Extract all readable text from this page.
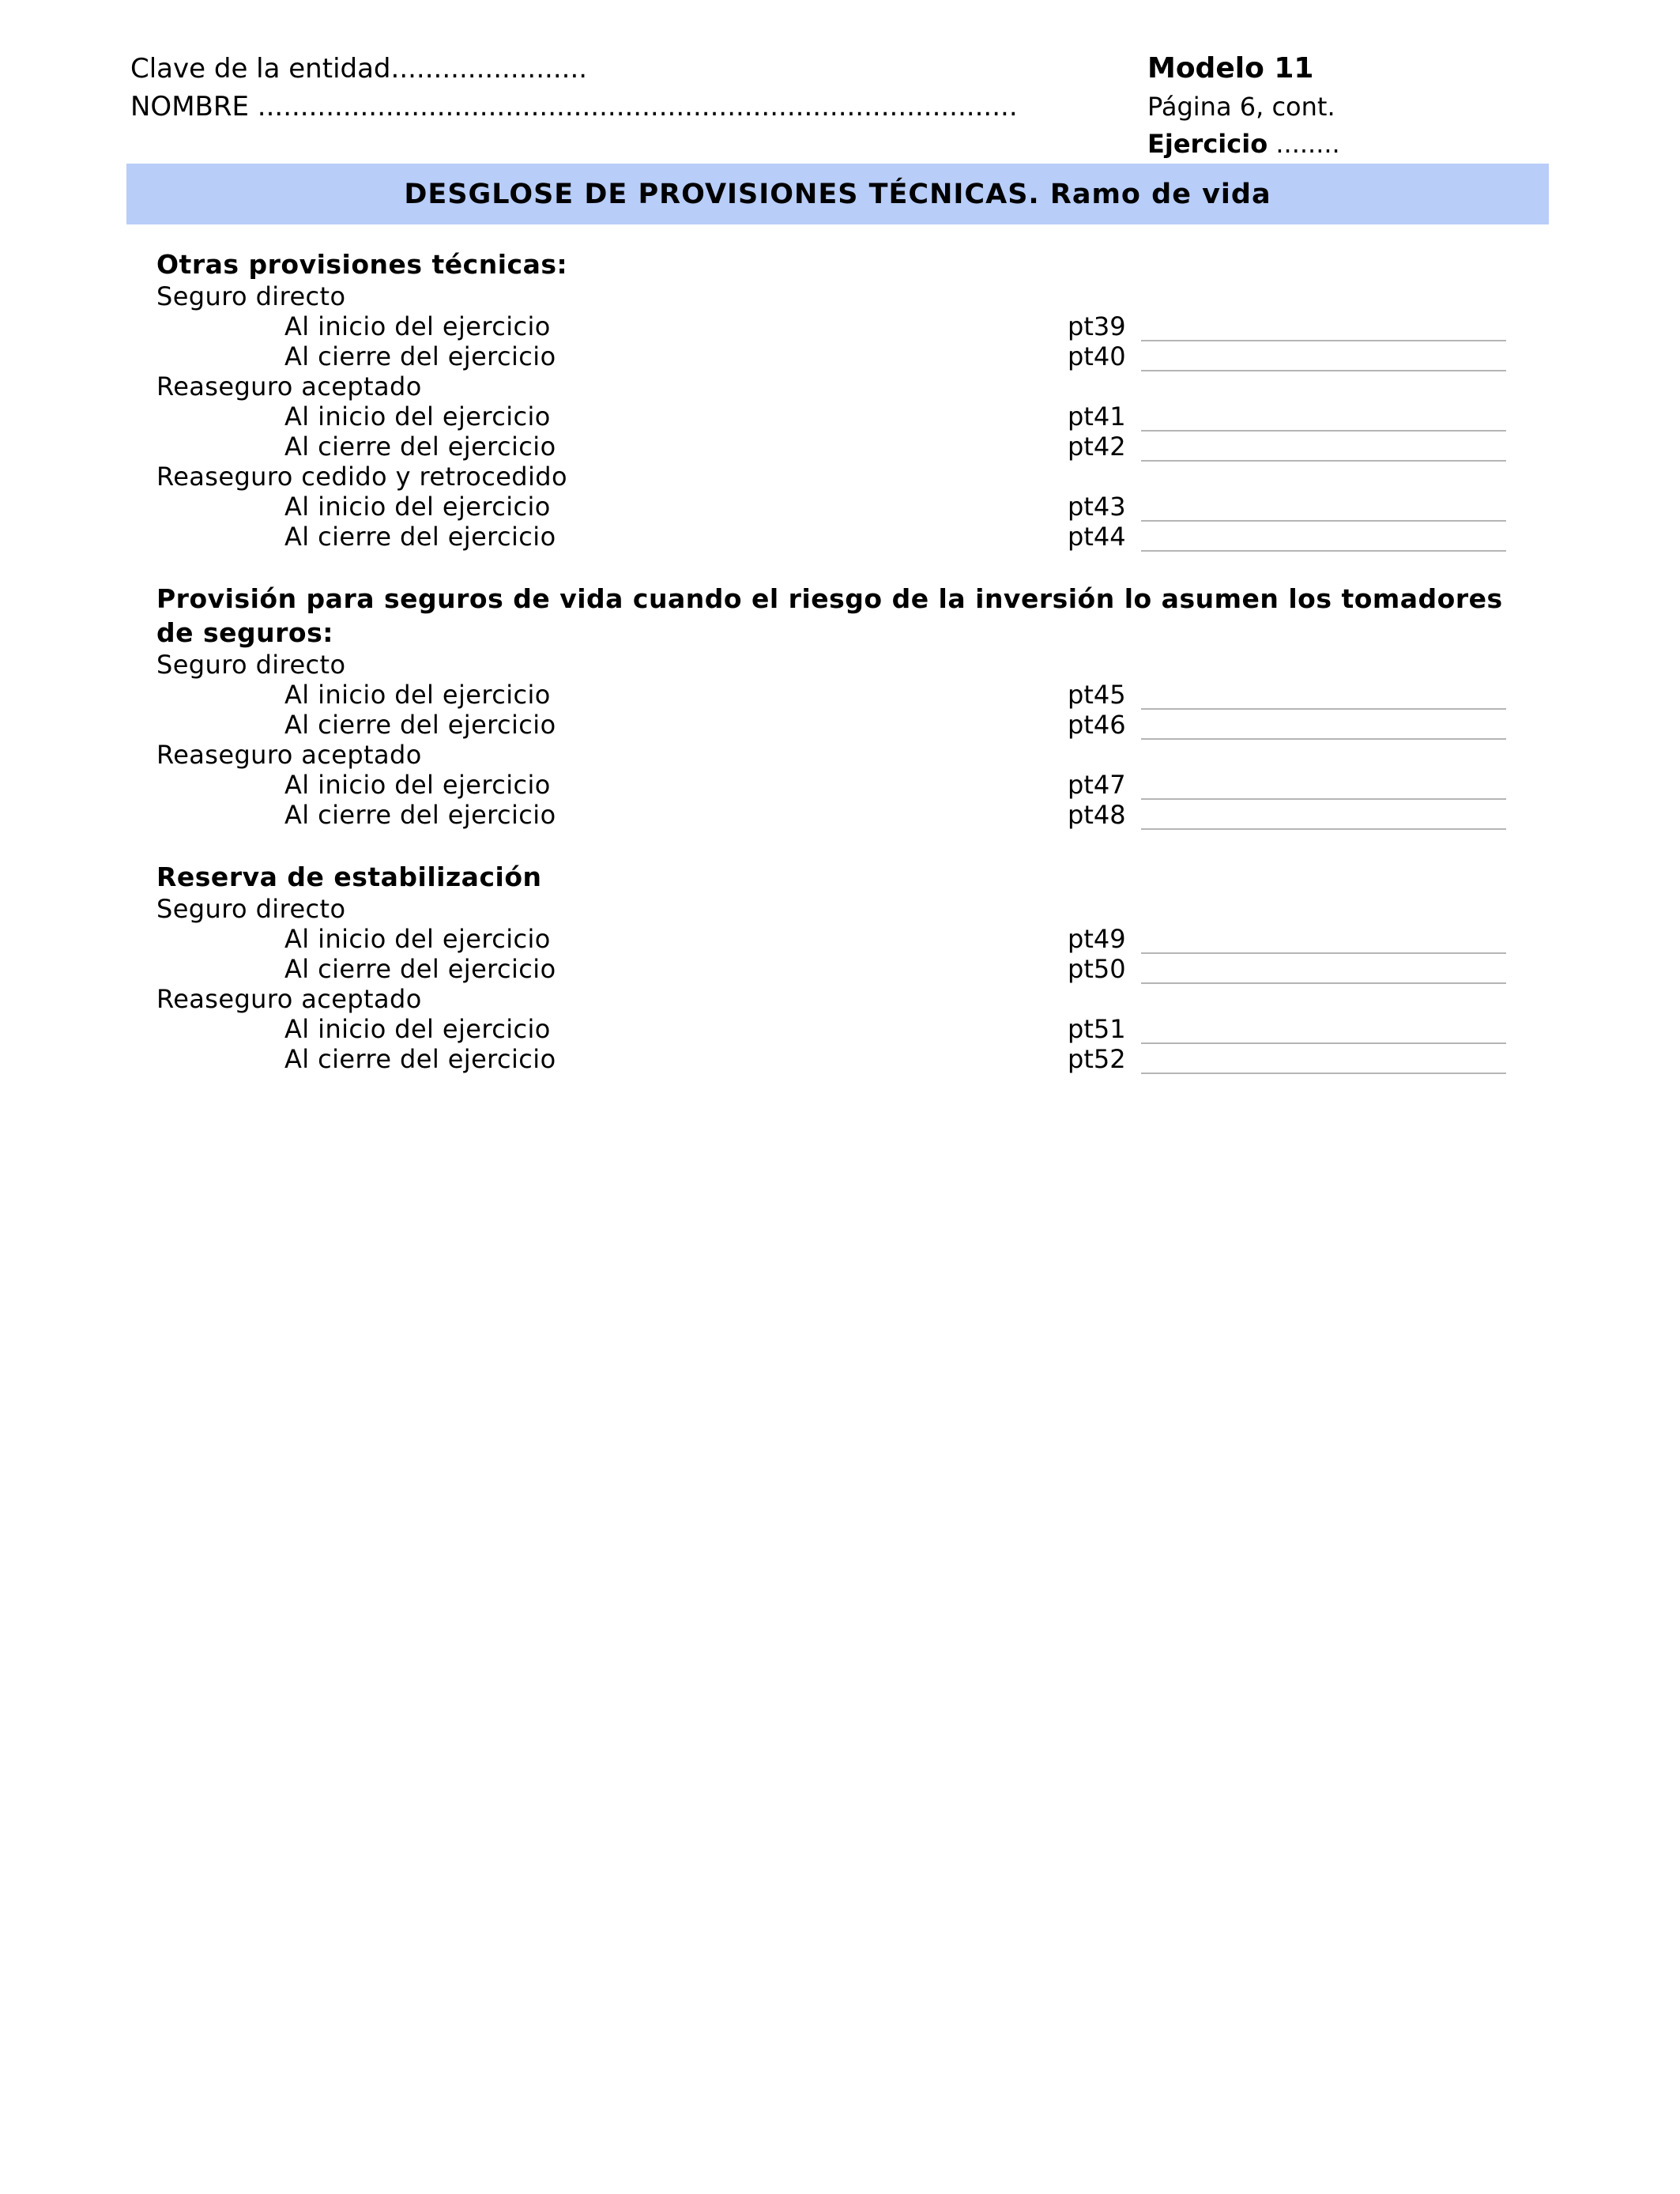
Clave de la entidad.......................
NOMBRE .........................................................................................
Modelo 11
Página 6, cont.
Ejercicio ........
DESGLOSE DE PROVISIONES TÉCNICAS. Ramo de vida
Otras provisiones técnicas:
Seguro directo
Al inicio del ejercicio	pt39
Al cierre del ejercicio	pt40
Reaseguro aceptado
Al inicio del ejercicio	pt41
Al cierre del ejercicio	pt42
Reaseguro cedido y retrocedido
Al inicio del ejercicio	pt43
Al cierre del ejercicio	pt44
Provisión para seguros de vida cuando el riesgo de la inversión lo asumen los tomadores de seguros:
Seguro directo
Al inicio del ejercicio	pt45
Al cierre del ejercicio	pt46
Reaseguro aceptado
Al inicio del ejercicio	pt47
Al cierre del ejercicio	pt48
Reserva de estabilización
Seguro directo
Al inicio del ejercicio	pt49
Al cierre del ejercicio	pt50
Reaseguro aceptado
Al inicio del ejercicio	pt51
Al cierre del ejercicio	pt52
